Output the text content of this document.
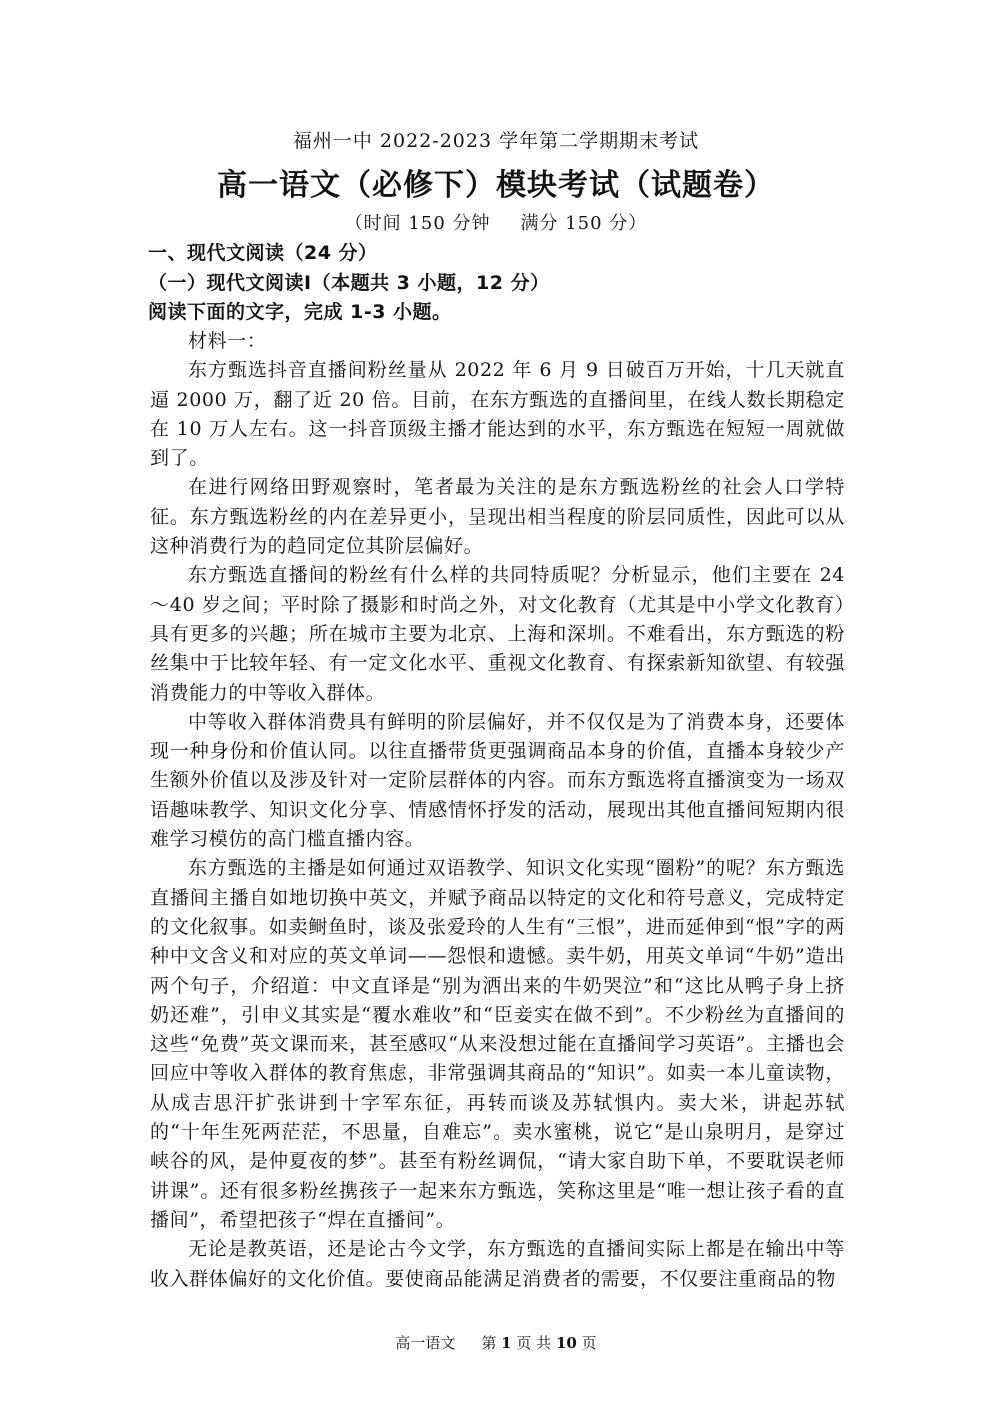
福州一中 2022-2023 学年第二学期期末考试
高一语文（必修下）模块考试（试题卷）
（时间 150 分钟 满分 150 分）
一、现代文阅读（24 分）
（一）现代文阅读Ⅰ（本题共 3 小题，12 分）
阅读下面的文字，完成 1-3 小题。

材料一：

东方甄选抖音直播间粉丝量从 2022 年 6 月 9 日破百万开始，十几天就直逼 2000 万，翻了近 20 倍。目前，在东方甄选的直播间里，在线人数长期稳定在 10 万人左右。这一抖音顶级主播才能达到的水平，东方甄选在短短一周就做到了。

在进行网络田野观察时，笔者最为关注的是东方甄选粉丝的社会人口学特征。东方甄选粉丝的内在差异更小，呈现出相当程度的阶层同质性，因此可以从这种消费行为的趋同定位其阶层偏好。

东方甄选直播间的粉丝有什么样的共同特质呢？分析显示，他们主要在 24～40 岁之间；平时除了摄影和时尚之外，对文化教育（尤其是中小学文化教育）具有更多的兴趣；所在城市主要为北京、上海和深圳。不难看出，东方甄选的粉丝集中于比较年轻、有一定文化水平、重视文化教育、有探索新知欲望、有较强消费能力的中等收入群体。

中等收入群体消费具有鲜明的阶层偏好，并不仅仅是为了消费本身，还要体现一种身份和价值认同。以往直播带货更强调商品本身的价值，直播本身较少产生额外价值以及涉及针对一定阶层群体的内容。而东方甄选将直播演变为一场双语趣味教学、知识文化分享、情感情怀抒发的活动，展现出其他直播间短期内很难学习模仿的高门槛直播内容。

东方甄选的主播是如何通过双语教学、知识文化实现“圈粉”的呢？东方甄选直播间主播自如地切换中英文，并赋予商品以特定的文化和符号意义，完成特定的文化叙事。如卖鲥鱼时，谈及张爱玲的人生有“三恨”，进而延伸到“恨”字的两种中文含义和对应的英文单词——怨恨和遗憾。卖牛奶，用英文单词“牛奶”造出两个句子，介绍道：中文直译是“别为洒出来的牛奶哭泣”和“这比从鸭子身上挤奶还难”，引申义其实是“覆水难收”和“臣妾实在做不到”。不少粉丝为直播间的这些“免费”英文课而来，甚至感叹“从来没想过能在直播间学习英语”。主播也会回应中等收入群体的教育焦虑，非常强调其商品的“知识”。如卖一本儿童读物，从成吉思汗扩张讲到十字军东征，再转而谈及苏轼惧内。卖大米，讲起苏轼的“十年生死两茫茫，不思量，自难忘”。卖水蜜桃，说它“是山泉明月，是穿过峡谷的风，是仲夏夜的梦”。甚至有粉丝调侃，“请大家自助下单，不要耽误老师讲课”。还有很多粉丝携孩子一起来东方甄选，笑称这里是“唯一想让孩子看的直播间”，希望把孩子“焊在直播间”。

无论是教英语，还是论古今文学，东方甄选的直播间实际上都是在输出中等收入群体偏好的文化价值。要使商品能满足消费者的需要，不仅要注重商品的物

高一语文 第 1 页 共 10 页
